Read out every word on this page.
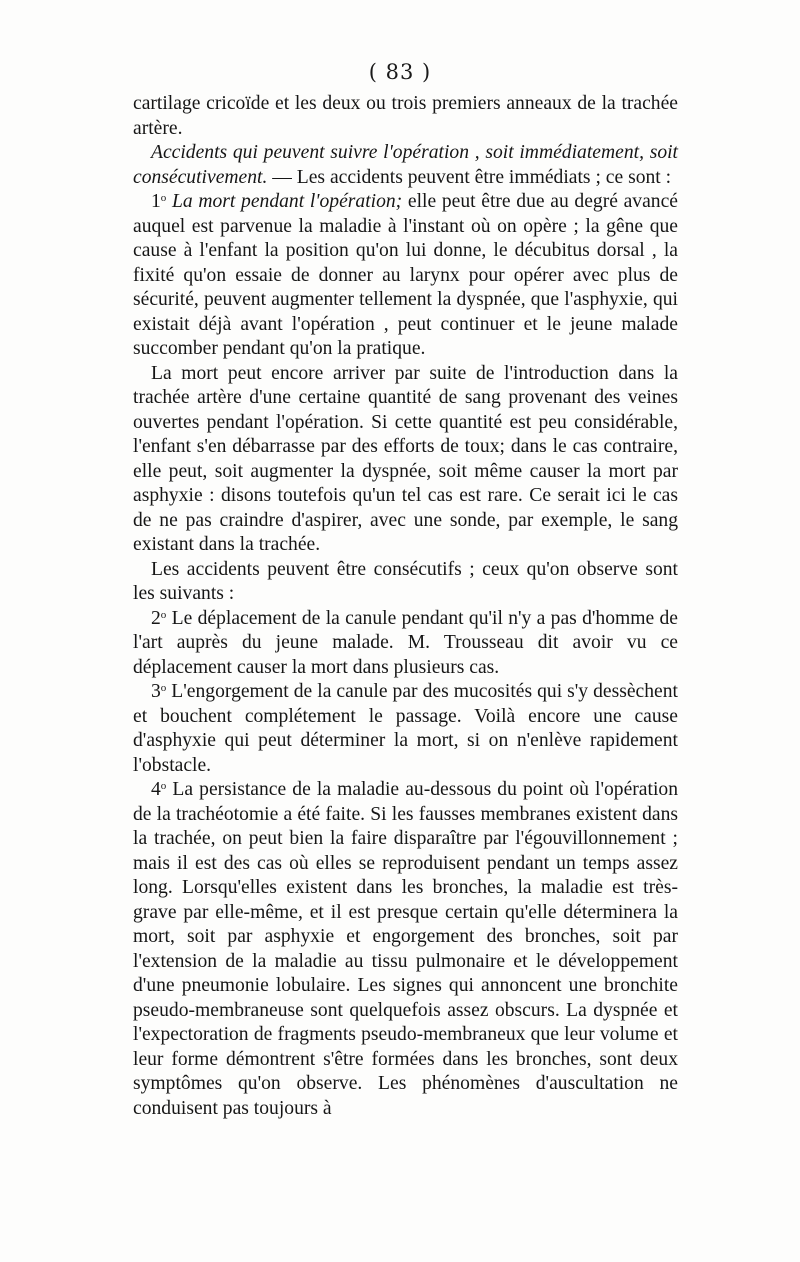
( 83 )

cartilage cricoïde et les deux ou trois premiers anneaux de la trachée artère.

Accidents qui peuvent suivre l'opération , soit immédiatement, soit consécutivement. — Les accidents peuvent être immédiats ; ce sont :

1$^o$ La mort pendant l'opération; elle peut être due au degré avancé auquel est parvenue la maladie à l'instant où on opère ; la gêne que cause à l'enfant la position qu'on lui donne, le décubitus dorsal , la fixité qu'on essaie de donner au larynx pour opérer avec plus de sécurité, peuvent augmenter tellement la dyspnée, que l'asphyxie, qui existait déjà avant l'opération , peut continuer et le jeune malade succomber pendant qu'on la pratique.

La mort peut encore arriver par suite de l'introduction dans la trachée artère d'une certaine quantité de sang provenant des veines ouvertes pendant l'opération. Si cette quantité est peu considérable, l'enfant s'en débarrasse par des efforts de toux; dans le cas contraire, elle peut, soit augmenter la dyspnée, soit même causer la mort par asphyxie : disons toutefois qu'un tel cas est rare. Ce serait ici le cas de ne pas craindre d'aspirer, avec une sonde, par exemple, le sang existant dans la trachée.

Les accidents peuvent être consécutifs ; ceux qu'on observe sont les suivants :

2$^o$ Le déplacement de la canule pendant qu'il n'y a pas d'homme de l'art auprès du jeune malade. M. Trousseau dit avoir vu ce déplacement causer la mort dans plusieurs cas.

3$^o$ L'engorgement de la canule par des mucosités qui s'y dessèchent et bouchent complétement le passage. Voilà encore une cause d'asphyxie qui peut déterminer la mort, si on n'enlève rapidement l'obstacle.

4$^o$ La persistance de la maladie au-dessous du point où l'opération de la trachéotomie a été faite. Si les fausses membranes existent dans la trachée, on peut bien la faire disparaître par l'égouvillonnement ; mais il est des cas où elles se reproduisent pendant un temps assez long. Lorsqu'elles existent dans les bronches, la maladie est très-grave par elle-même, et il est presque certain qu'elle déterminera la mort, soit par asphyxie et engorgement des bronches, soit par l'extension de la maladie au tissu pulmonaire et le développement d'une pneumonie lobulaire. Les signes qui annoncent une bronchite pseudo-membraneuse sont quelquefois assez obscurs. La dyspnée et l'expectoration de fragments pseudo-membraneux que leur volume et leur forme démontrent s'être formées dans les bronches, sont deux symptômes qu'on observe. Les phénomènes d'auscultation ne conduisent pas toujours à
